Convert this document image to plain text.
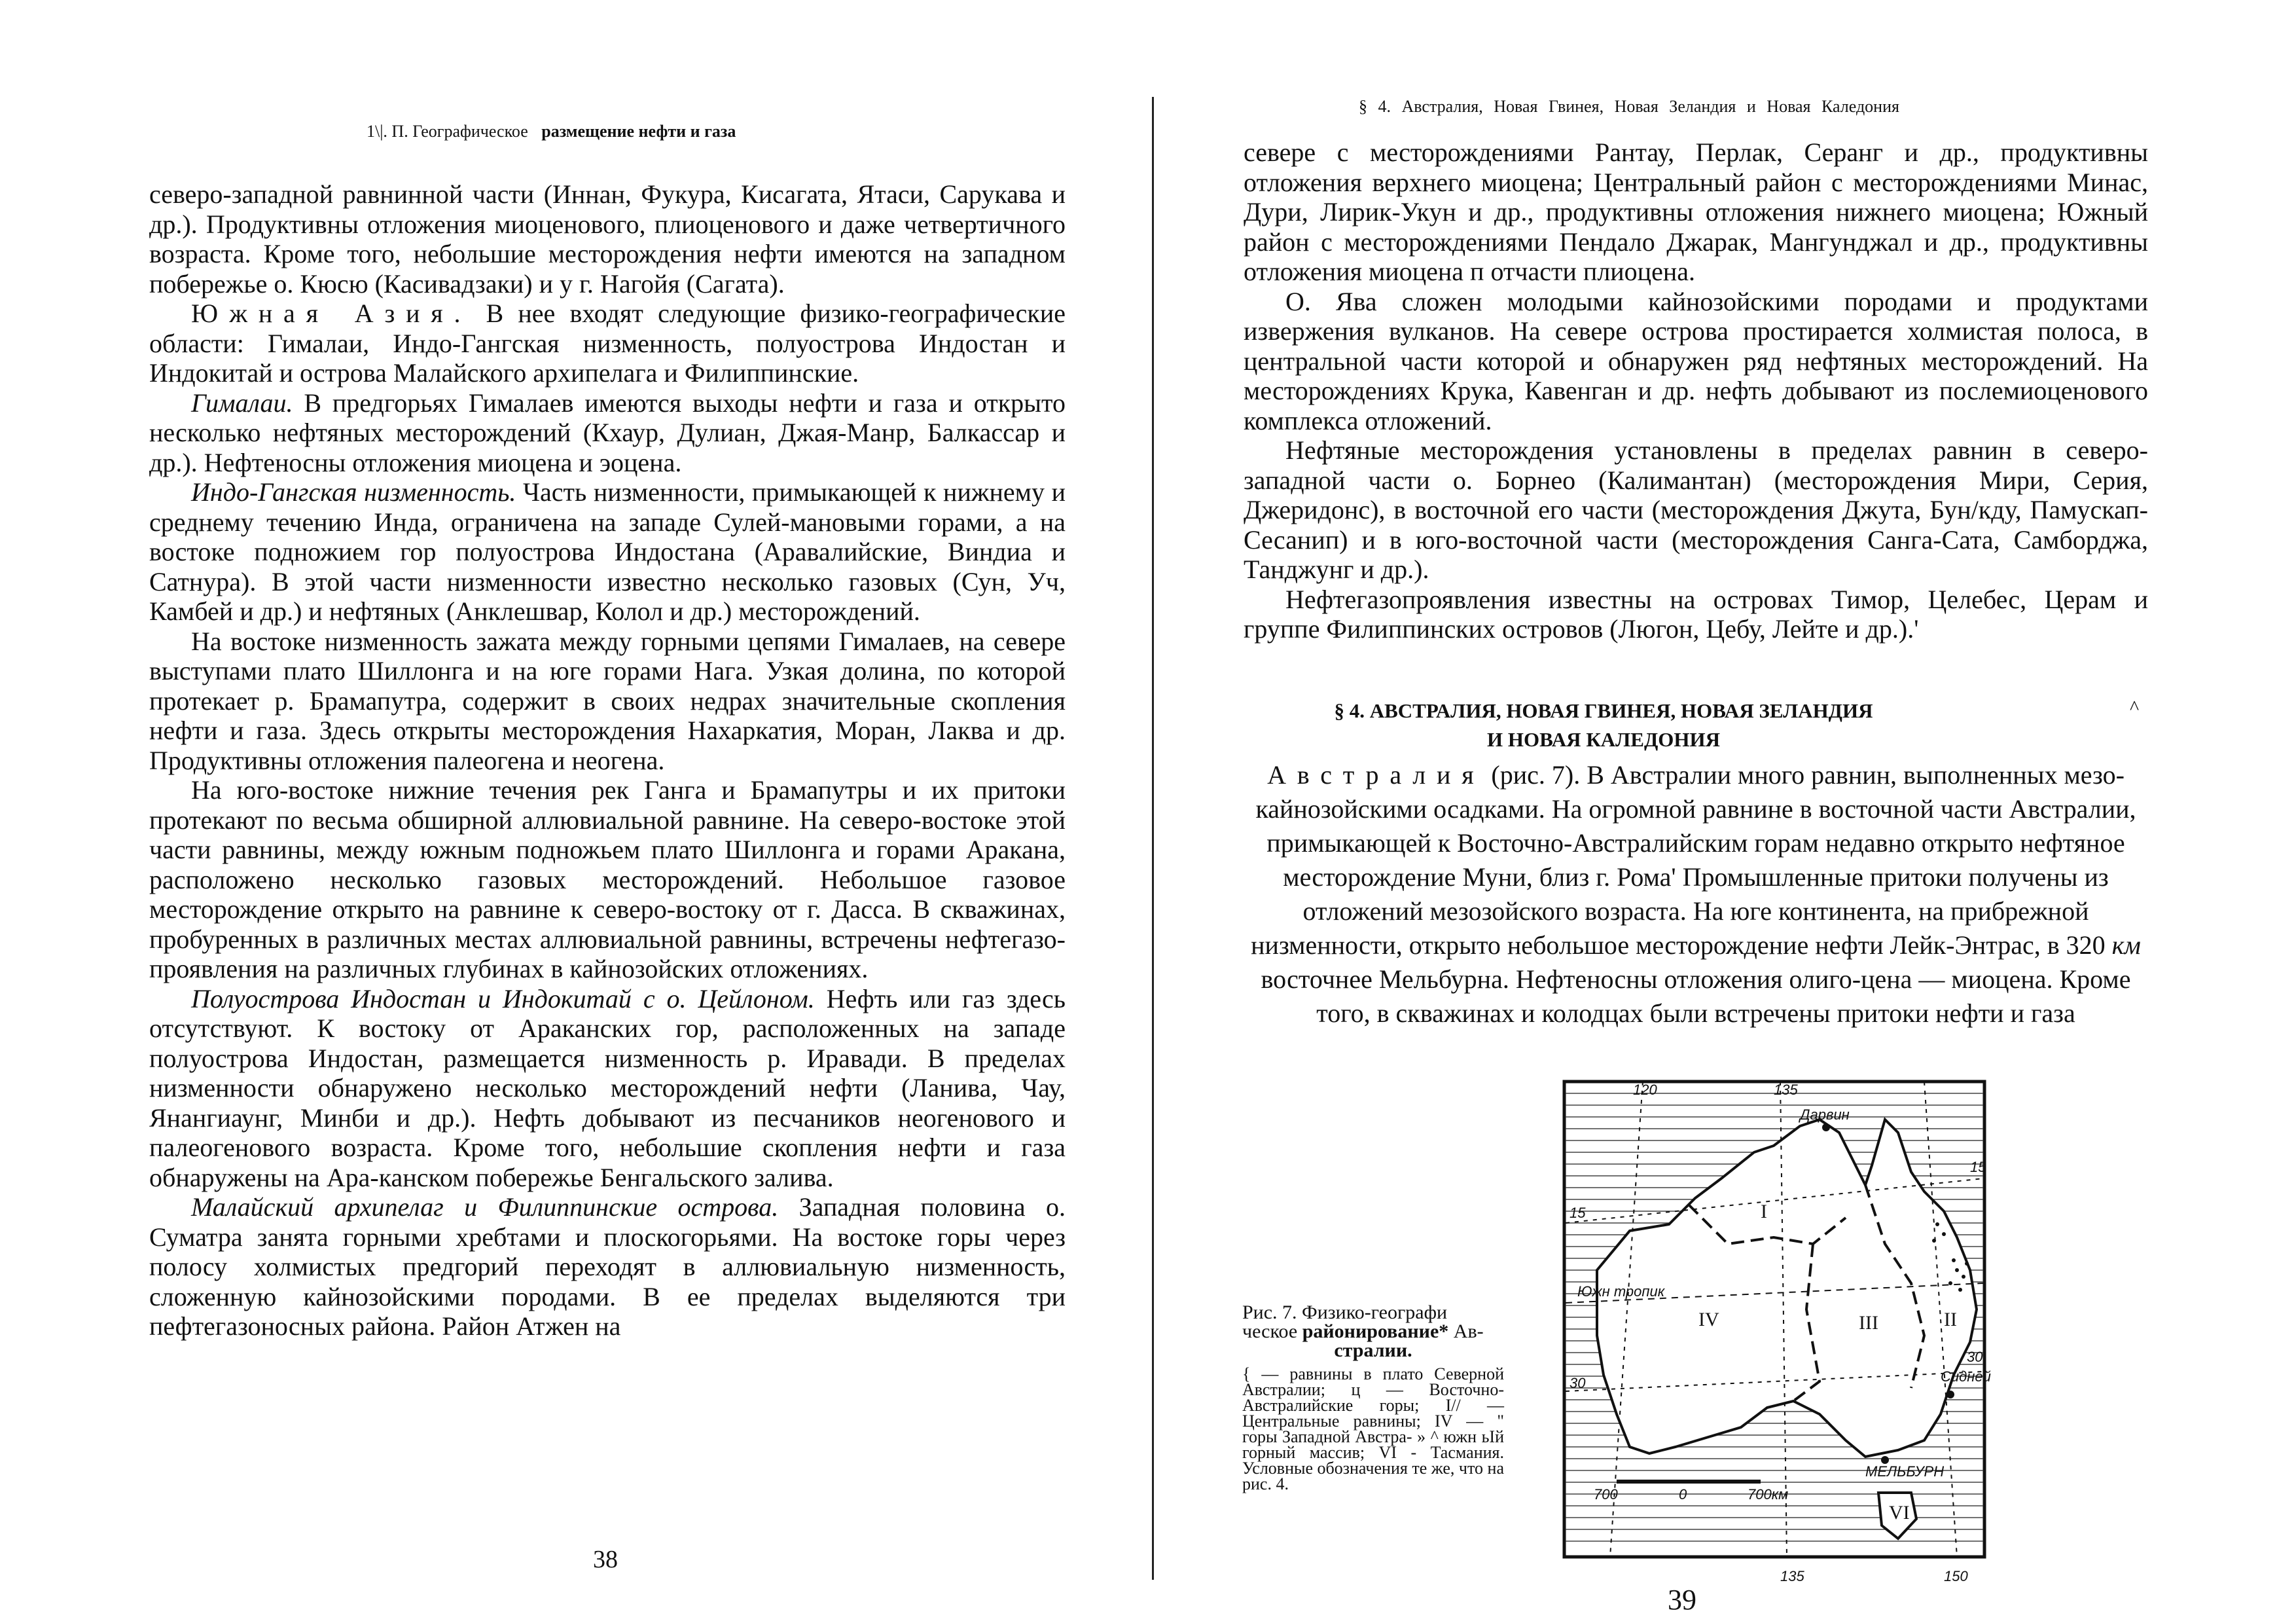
1\|. П. Географическое размещение нефти и газа

северо-западной равнинной части (Иннан, Фукура, Кисагата, Ятаси, Сарукава и др.). Продуктивны отложения миоценового, плиоценового и даже четвертичного возраста. Кроме того, небольшие месторождения нефти имеются на западном побережье о. Кюсю (Касивадзаки) и у г. Нагойя (Сагата).

Южная Азия. В нее входят следующие физико-географические области: Гималаи, Индо-Гангская низменность, полуострова Индостан и Индокитай и острова Малайского архипелага и Филиппинские.

Гималаи. В предгорьях Гималаев имеются выходы нефти и газа и открыто несколько нефтяных месторождений (Кхаур, Дулиан, Джая-Манр, Балкассар и др.). Нефтеносны отложения миоцена и эоцена.

Индо-Гангская низменность. Часть низменности, примыкающей к нижнему и среднему течению Инда, ограничена на западе Сулей-мановыми горами, а на востоке подножием гор полуострова Индостана (Аравалийские, Виндиа и Сатнура). В этой части низменности известно несколько газовых (Сун, Уч, Камбей и др.) и нефтяных (Анклешвар, Колол и др.) месторождений.

На востоке низменность зажата между горными цепями Гималаев, на севере выступами плато Шиллонга и на юге горами Нага. Узкая долина, по которой протекает р. Брамапутра, содержит в своих недрах значительные скопления нефти и газа. Здесь открыты месторождения Нахаркатия, Моран, Лаква и др. Продуктивны отложения палеогена и неогена.

На юго-востоке нижние течения рек Ганга и Брамапутры и их притоки протекают по весьма обширной аллювиальной равнине. На северо-востоке этой части равнины, между южным подножьем плато Шиллонга и горами Аракана, расположено несколько газовых месторождений. Небольшое газовое месторождение открыто на равнине к северо-востоку от г. Дасса. В скважинах, пробуренных в различных местах аллювиальной равнины, встречены нефтегазо-проявления на различных глубинах в кайнозойских отложениях.

Полуострова Индостан и Индокитай с о. Цейлоном. Нефть или газ здесь отсутствуют. К востоку от Араканских гор, расположенных на западе полуострова Индостан, размещается низменность р. Иравади. В пределах низменности обнаружено несколько месторождений нефти (Ланива, Чау, Янангиаунг, Минби и др.). Нефть добывают из песчаников неогенового и палеогенового возраста. Кроме того, небольшие скопления нефти и газа обнаружены на Ара-канском побережье Бенгальского залива.

Малайский архипелаг и Филиппинские острова. Западная половина о. Суматра занята горными хребтами и плоскогорьями. На востоке горы через полосу холмистых предгорий переходят в аллювиальную низменность, сложенную кайнозойскими породами. В ее пределах выделяются три пефтегазоносных района. Район Атжен на

38
§ 4. Австралия, Новая Гвинея, Новая Зеландия и Новая Каледония

севере с месторождениями Рантау, Перлак, Серанг и др., продуктивны отложения верхнего миоцена; Центральный район с месторождениями Минас, Дури, Лирик-Укун и др., продуктивны отложения нижнего миоцена; Южный район с месторождениями Пендало Джарак, Мангунджал и др., продуктивны отложения миоцена п отчасти плиоцена.

О. Ява сложен молодыми кайнозойскими породами и продуктами извержения вулканов. На севере острова простирается холмистая полоса, в центральной части которой и обнаружен ряд нефтяных месторождений. На месторождениях Крука, Кавенган и др. нефть добывают из послемиоценового комплекса отложений.

Нефтяные месторождения установлены в пределах равнин в северо-западной части о. Борнео (Калимантан) (месторождения Мири, Серия, Джеридонс), в восточной его части (месторождения Джута, Бун/кду, Памускап-Сесанип) и в юго-восточной части (месторождения Санга-Сата, Самборджа, Танджунг и др.).

Нефтегазопроявления известны на островах Тимор, Целебес, Церам и группе Филиппинских островов (Люгон, Цебу, Лейте и др.).'

§ 4. АВСТРАЛИЯ, НОВАЯ ГВИНЕЯ, НОВАЯ ЗЕЛАНДИЯ
И НОВАЯ КАЛЕДОНИЯ
^

Австралия (рис. 7). В Австралии много равнин, выполненных мезо-кайнозойскими осадками. На огромной равнине в восточной части Австралии, примыкающей к Восточно-Австралийским горам недавно открыто нефтяное месторождение Муни, близ г. Рома' Промышленные притоки получены из отложений мезозойского возраста. На юге континента, на прибрежной низменности, открыто небольшое месторождение нефти Лейк-Энтрас, в 320 км восточнее Мельбурна. Нефтеносны отложения олиго-цена — миоцена. Кроме того, в скважинах и колодцах были встречены притоки нефти и газа

Рис. 7. Физико-географи
ческое районирование* Ав-
стралии.
{ — равнины в плато Северной Австралии; ц — Восточно-Австралийские горы; I// — Центральные равнины; IV — " горы Западной Австра- » ^ южн ьIй горный массив; VI - Тасмания. Условные обозначения те же, что на рис. 4.
120	135
135	150
15
15
30
30
Дарвин
Южн тропик
Сидней
МЕЛЬБУРН
700	0	700км
I
II
III
IV
VI
39
